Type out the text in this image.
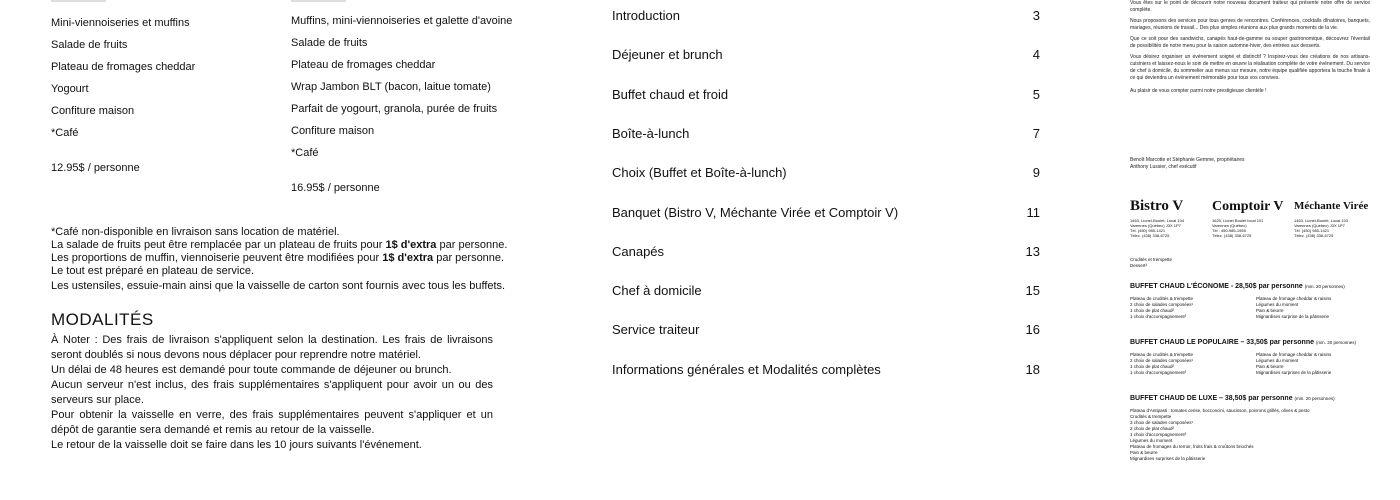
Mini-viennoiseries et muffins
Salade de fruits
Plateau de fromages cheddar
Yogourt
Confiture maison
*Café
12.95$ / personne
Muffins, mini-viennoiseries et galette d'avoine
Salade de fruits
Plateau de fromages cheddar
Wrap Jambon BLT (bacon, laitue tomate)
Parfait de yogourt, granola, purée de fruits
Confiture maison
*Café
16.95$ / personne
*Café non-disponible en livraison sans location de matériel.
La salade de fruits peut être remplacée par un plateau de fruits pour 1$ d'extra par personne.
Les proportions de muffin, viennoiserie peuvent être modifiées pour 1$ d'extra par personne.
Le tout est préparé en plateau de service.
Les ustensiles, essuie-main ainsi que la vaisselle de carton sont fournis avec tous les buffets.
MODALITÉS

À Noter : Des frais de livraison s'appliquent selon la destination. Les frais de livraisons seront doublés si nous devons nous déplacer pour reprendre notre matériel.

Un délai de 48 heures est demandé pour toute commande de déjeuner ou brunch.

Aucun serveur n'est inclus, des frais supplémentaires s'appliquent pour avoir un ou des serveurs sur place.

Pour obtenir la vaisselle en verre, des frais supplémentaires peuvent s'appliquer et un dépôt de garantie sera demandé et remis au retour de la vaisselle.

Le retour de la vaisselle doit se faire dans les 10 jours suivants l'événement.

Introduction	3
Déjeuner et brunch	4
Buffet chaud et froid	5
Boîte-à-lunch	7
Choix (Buffet et Boîte-à-lunch)	9
Banquet (Bistro V, Méchante Virée et Comptoir V)	11
Canapés	13
Chef à domicile	15
Service traiteur	16
Informations générales et Modalités complètes	18

Vous êtes sur le point de découvrir notre nouveau document traiteur qui présente notre offre de service complète.

Nous proposons des services pour tous genres de rencontres. Conférences, cocktails dînatoires, banquets, mariages, réunions de travail... Des plus simples réunions aux plus grands moments de la vie.

Que ce soit pour des sandwichs, canapés haut-de-gamme ou souper gastronomique, découvrez l'éventail de possibilités de notre menu pour la saison automne-hiver, des entrées aux desserts.

Vous désirez organiser un événement soigné et distinctif ? Inspirez-vous des créations de nos artisans-cuisiniers et laissez-nous le soin de mettre en œuvre la réalisation complète de votre événement. Du service de chef à domicile, du sommelier aux menus sur mesure, notre équipe qualifiée apportera la touche finale à ce qui deviendra un événement mémorable pour tous vos convives.

Au plaisir de vous compter parmi notre prestigieuse clientèle !

Benoît Marcotte et Stéphanie Gemme, propriétaires
Anthony Lussier, chef exécutif
Bistro V
1463, Lionel-Boulet, Local 104
Varennes (Québec) J3X 1P7
Tél. (450) 985-1421
Télec. (438) 338-6725
Comptoir V
1625, Lionel Boulet local 101
Varennes (Québec)
Tél : 450-985-1955
Télec. (438) 338-6725
Méchante Virée
1463, Lionel-Boulet, Local 103
Varennes (Québec) J3X 1P7
Tél. (450) 985-1421
Télec. (438) 338-6725
Crudités et trempette
Dessert³
BUFFET CHAUD L'ÉCONOME - 28,50$ par personne (min. 20 personnes)
Plateau de crudités & trempette
2 choix de salades composées¹
1 choix de plat chaud²
1 choix d'accompagnement³
Plateau de fromage cheddar & raisins
Légumes du moment
Pain & beurre
Mignardises surprise de la pâtisserie
BUFFET CHAUD LE POPULAIRE – 33,50$ par personne (min. 20 personnes)
Plateau de crudités & trempette
2 choix de salades composées¹
1 choix de plat chaud²
1 choix d'accompagnement³
Plateau de fromage cheddar & raisins
Légumes du moment
Pain & beurre
Mignardises surprises de la pâtisserie
BUFFET CHAUD DE LUXE – 38,50$ par personne (min. 20 personnes)
Plateau d'Antipasti : tomates cerise, bocconcini, saucisson, poivrons grillés, olives & pesto
Crudités & trempette
3 choix de salades composées¹
2 choix de plat chaud²
1 choix d'accompagnement³
Légumes du moment
Plateau de fromages du terroir, fruits frais & croûtons briochés
Pain & beurre
Mignardises surprises de la pâtisserie
